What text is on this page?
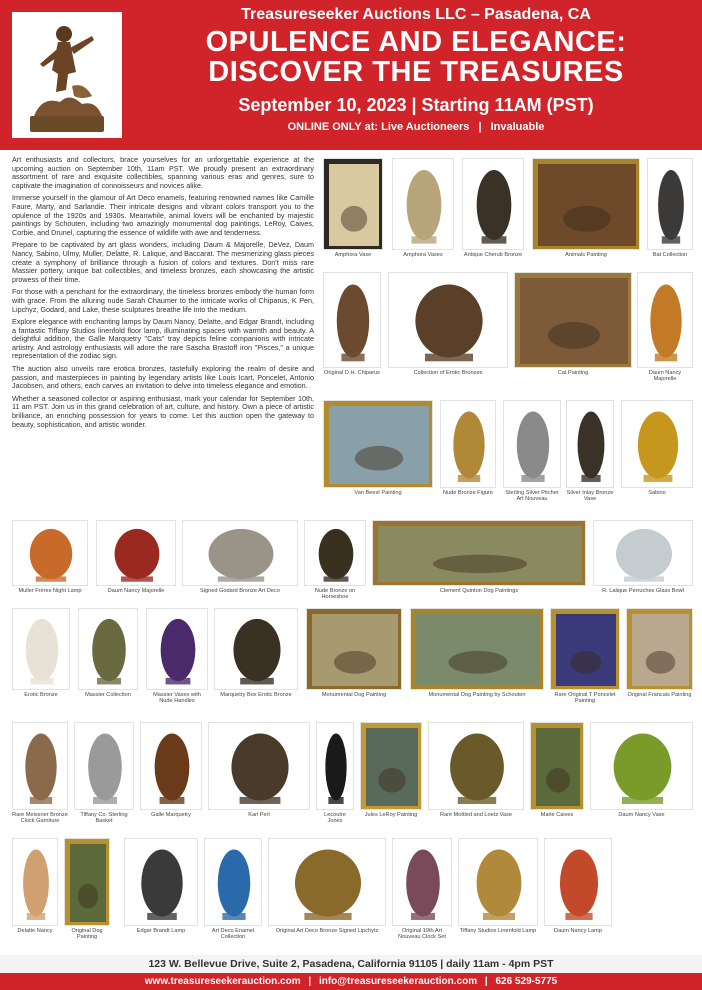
Treasureseeker Auctions LLC – Pasadena, CA
OPULENCE AND ELEGANCE:
DISCOVER THE TREASURES
September 10, 2023 | Starting 11AM (PST)
ONLINE ONLY at: Live Auctioneers | Invaluable

Art enthusiasts and collectors, brace yourselves for an unforgettable experience at the upcoming auction on September 10th, 11am PST. We proudly present an extraordinary assortment of rare and exquisite collectibles, spanning various eras and genres, sure to captivate the imagination of connoisseurs and novices alike.

Immerse yourself in the glamour of Art Deco enamels, featuring renowned names like Camille Faure, Marty, and Sarlandie. Their intricate designs and vibrant colors transport you to the opulence of the 1920s and 1930s. Meanwhile, animal lovers will be enchanted by majestic paintings by Schouten, including two amazingly monumental dog paintings, LeRoy, Caives, Corbie, and Drunel, capturing the essence of wildlife with awe and tenderness.

Prepare to be captivated by art glass wonders, including Daum & Majorelle, DeVez, Daum Nancy, Sabino, Ulmy, Muller, Delatte, R. Lalique, and Baccarat. The mesmerizing glass pieces create a symphony of brilliance through a fusion of colors and textures. Don't miss rare Massier pottery, unique bat collectibles, and timeless bronzes, each showcasing the artistic prowess of their time.

For those with a penchant for the extraordinary, the timeless bronzes embody the human form with grace. From the alluring nude Sarah Chaumer to the intricate works of Chiparus, K Pen, Lipchyz, Godard, and Lake, these sculptures breathe life into the medium.

Explore elegance with enchanting lamps by Daum Nancy, Delatte, and Edgar Brandt, including a fantastic Tiffany Studios linenfold floor lamp, illuminating spaces with warmth and beauty. A delightful addition, the Galle Marquetry "Cats" tray depicts feline companions with intricate artistry. And astrology enthusiasts will adore the rare Sascha Brastoff iron "Pisces," a unique representation of the zodiac sign.

The auction also unveils rare erotica bronzes, tastefully exploring the realm of desire and passion, and masterpieces in painting by legendary artists like Louis Icart, Poncelet, Antonio Jacobsen, and others, each carves an invitation to delve into timeless elegance and emotion.

Whether a seasoned collector or aspiring enthusiast, mark your calendar for September 10th, 11 am PST. Join us in this grand celebration of art, culture, and history. Own a piece of artistic brilliance, an enriching possession for years to come. Let this auction open the gateway to beauty, sophistication, and artistic wonder.

Amphora Vase	Amphora Vases	Antique Cherub Bronze	Animals Painting	Bat Collection
Original D.H. Chiparus	Collection of Erotic Bronzes	Cat Painting	Daum Nancy Majorelle
Van Beest Painting	Nude Bronze Figure	Sterling Silver Pitcher Art Nouveau
Silver Inlay Bronze Vase
Sabino
Muller Frères Night Lamp	Daum Nancy Majorelle	Signed Godard Bronze Art Deco	Nude Bronze on Horseshoe
Clement Quinton Dog Paintings	R. Lalique Perruches Glass Bowl
Erotic Bronze	Massier Collection	Massier Vases with Nude Handles
Marquetry Box Erotic Bronze	Monumental Dog Painting	Monumental Dog Painting by Schouten	Rare Original T Poncelet Painting
Original Francais Painting
Rare Meissner Bronze Clock Garniture
Tiffany Co. Sterling Basket
Galle Marquetry	Karl Perl	Lecoutre Jones
Jules LeRoy Painting	Rare Mottled and Loetz Vase	Marie Caives	Daum Nancy Vase
Delatte Nancy	Original Dog Painting
Edgar Brandt Lamp	Art Deco Enamel Collection
Original Art Deco Bronze Signed Lipchytz	Original 19th Art Nouveau Clock Set
Tiffany Studios Linenfold Lamp	Daum Nancy Lamp
123 W. Bellevue Drive, Suite 2, Pasadena, California 91105 | daily 11am - 4pm PST
www.treasureseekerauction.com | info@treasureseekerauction.com | 626 529-5775
